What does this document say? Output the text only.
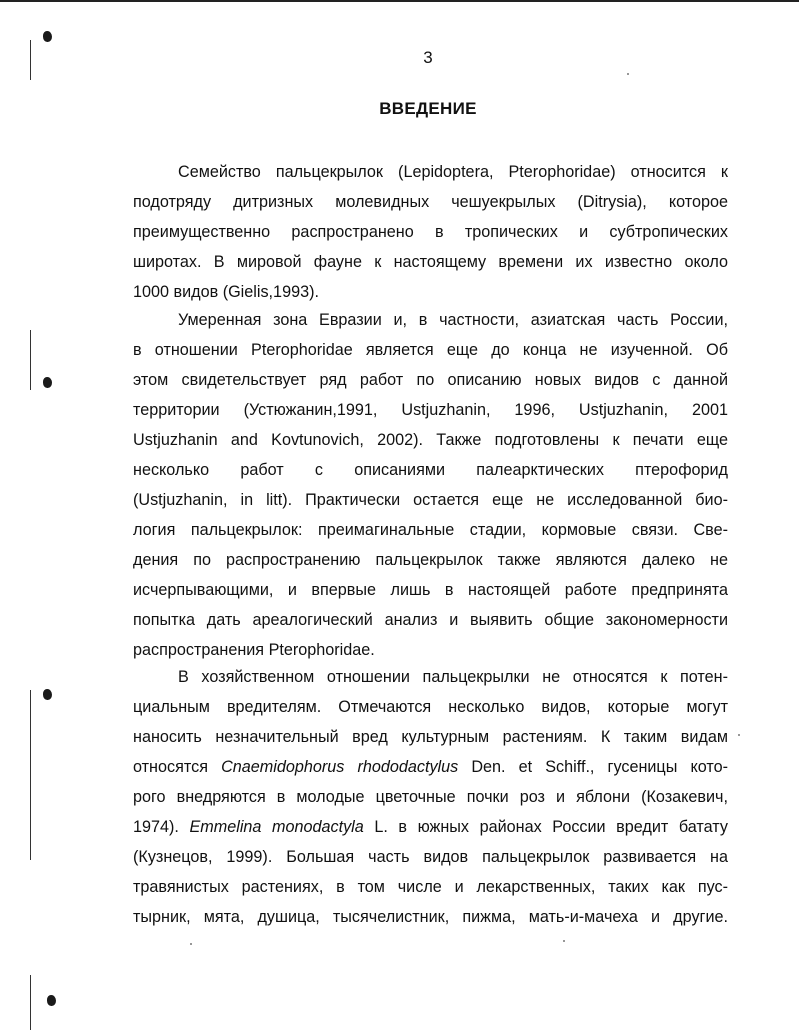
3
ВВЕДЕНИЕ
Семейство пальцекрылок (Lepidoptera, Pterophoridae) относится к
подотряду дитризных молевидных чешуекрылых (Ditrysia), которое
преимущественно распространено в тропических и субтропических
широтах. В мировой фауне к настоящему времени их известно около
1000 видов (Gielis,1993).
Умеренная зона Евразии и, в частности, азиатская часть России,
в отношении Pterophoridae является еще до конца не изученной. Об
этом свидетельствует ряд работ по описанию новых видов с данной
территории (Устюжанин,1991, Ustjuzhanin, 1996, Ustjuzhanin, 2001
Ustjuzhanin and Kovtunovich, 2002). Также подготовлены к печати еще
несколько работ с описаниями палеарктических птерофорид
(Ustjuzhanin, in litt). Практически остается еще не исследованной био-
логия пальцекрылок: преимагинальные стадии, кормовые связи. Све-
дения по распространению пальцекрылок также являются далеко не
исчерпывающими, и впервые лишь в настоящей работе предпринята
попытка дать ареалогический анализ и выявить общие закономерности
распространения Pterophoridae.
В хозяйственном отношении пальцекрылки не относятся к потен-
циальным вредителям. Отмечаются несколько видов, которые могут
наносить незначительный вред культурным растениям. К таким видам
относятся Cnaemidophorus rhododactylus Den. et Schiff., гусеницы кото-
рого внедряются в молодые цветочные почки роз и яблони (Козакевич,
1974). Emmelina monodactyla L. в южных районах России вредит батату
(Кузнецов, 1999). Большая часть видов пальцекрылок развивается на
травянистых растениях, в том числе и лекарственных, таких как пус-
тырник, мята, душица, тысячелистник, пижма, мать-и-мачеха и другие.
